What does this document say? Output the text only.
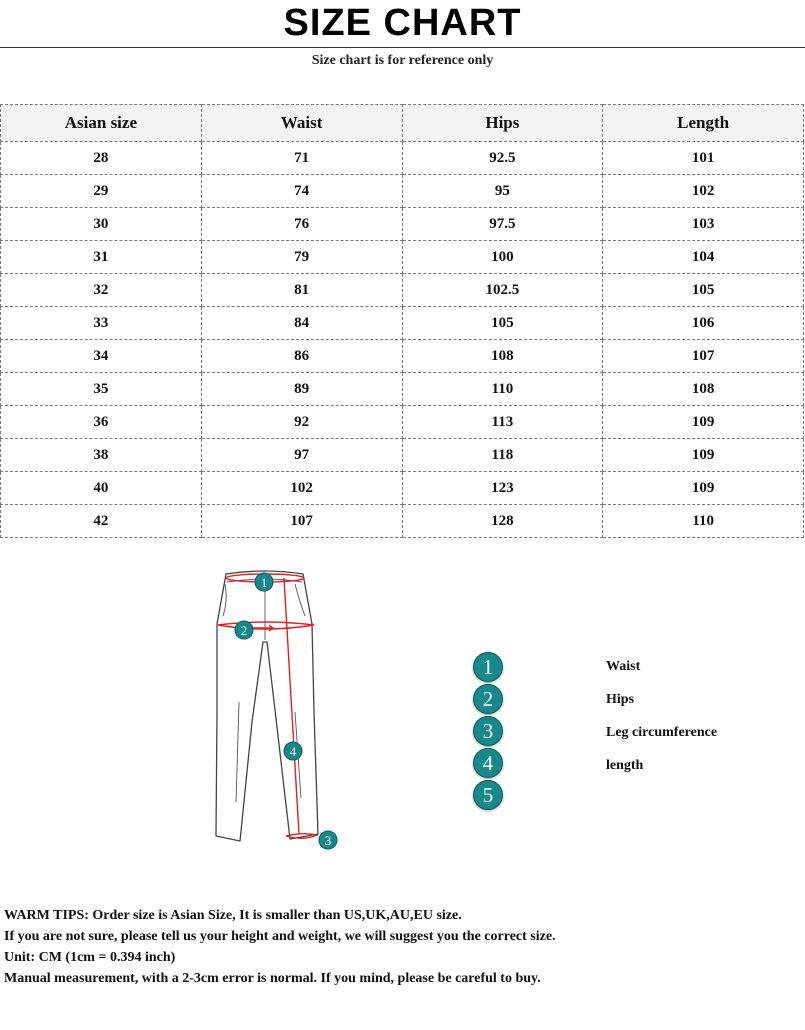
SIZE CHART
Size chart is for reference only
Asian size	Waist	Hips	Length
28	71	92.5	101
29	74	95	102
30	76	97.5	103
31	79	100	104
32	81	102.5	105
33	84	105	106
34	86	108	107
35	89	110	108
36	92	113	109
38	97	118	109
40	102	123	109
42	107	128	110
1
2
3
4
1	Waist
2	Hips
3	Leg circumference
4	length
5
WARM TIPS: Order size is Asian Size, It is smaller than US,UK,AU,EU size.
If you are not sure, please tell us your height and weight, we will suggest you the correct size.
Unit: CM (1cm = 0.394 inch)
Manual measurement, with a 2-3cm error is normal. If you mind, please be careful to buy.
